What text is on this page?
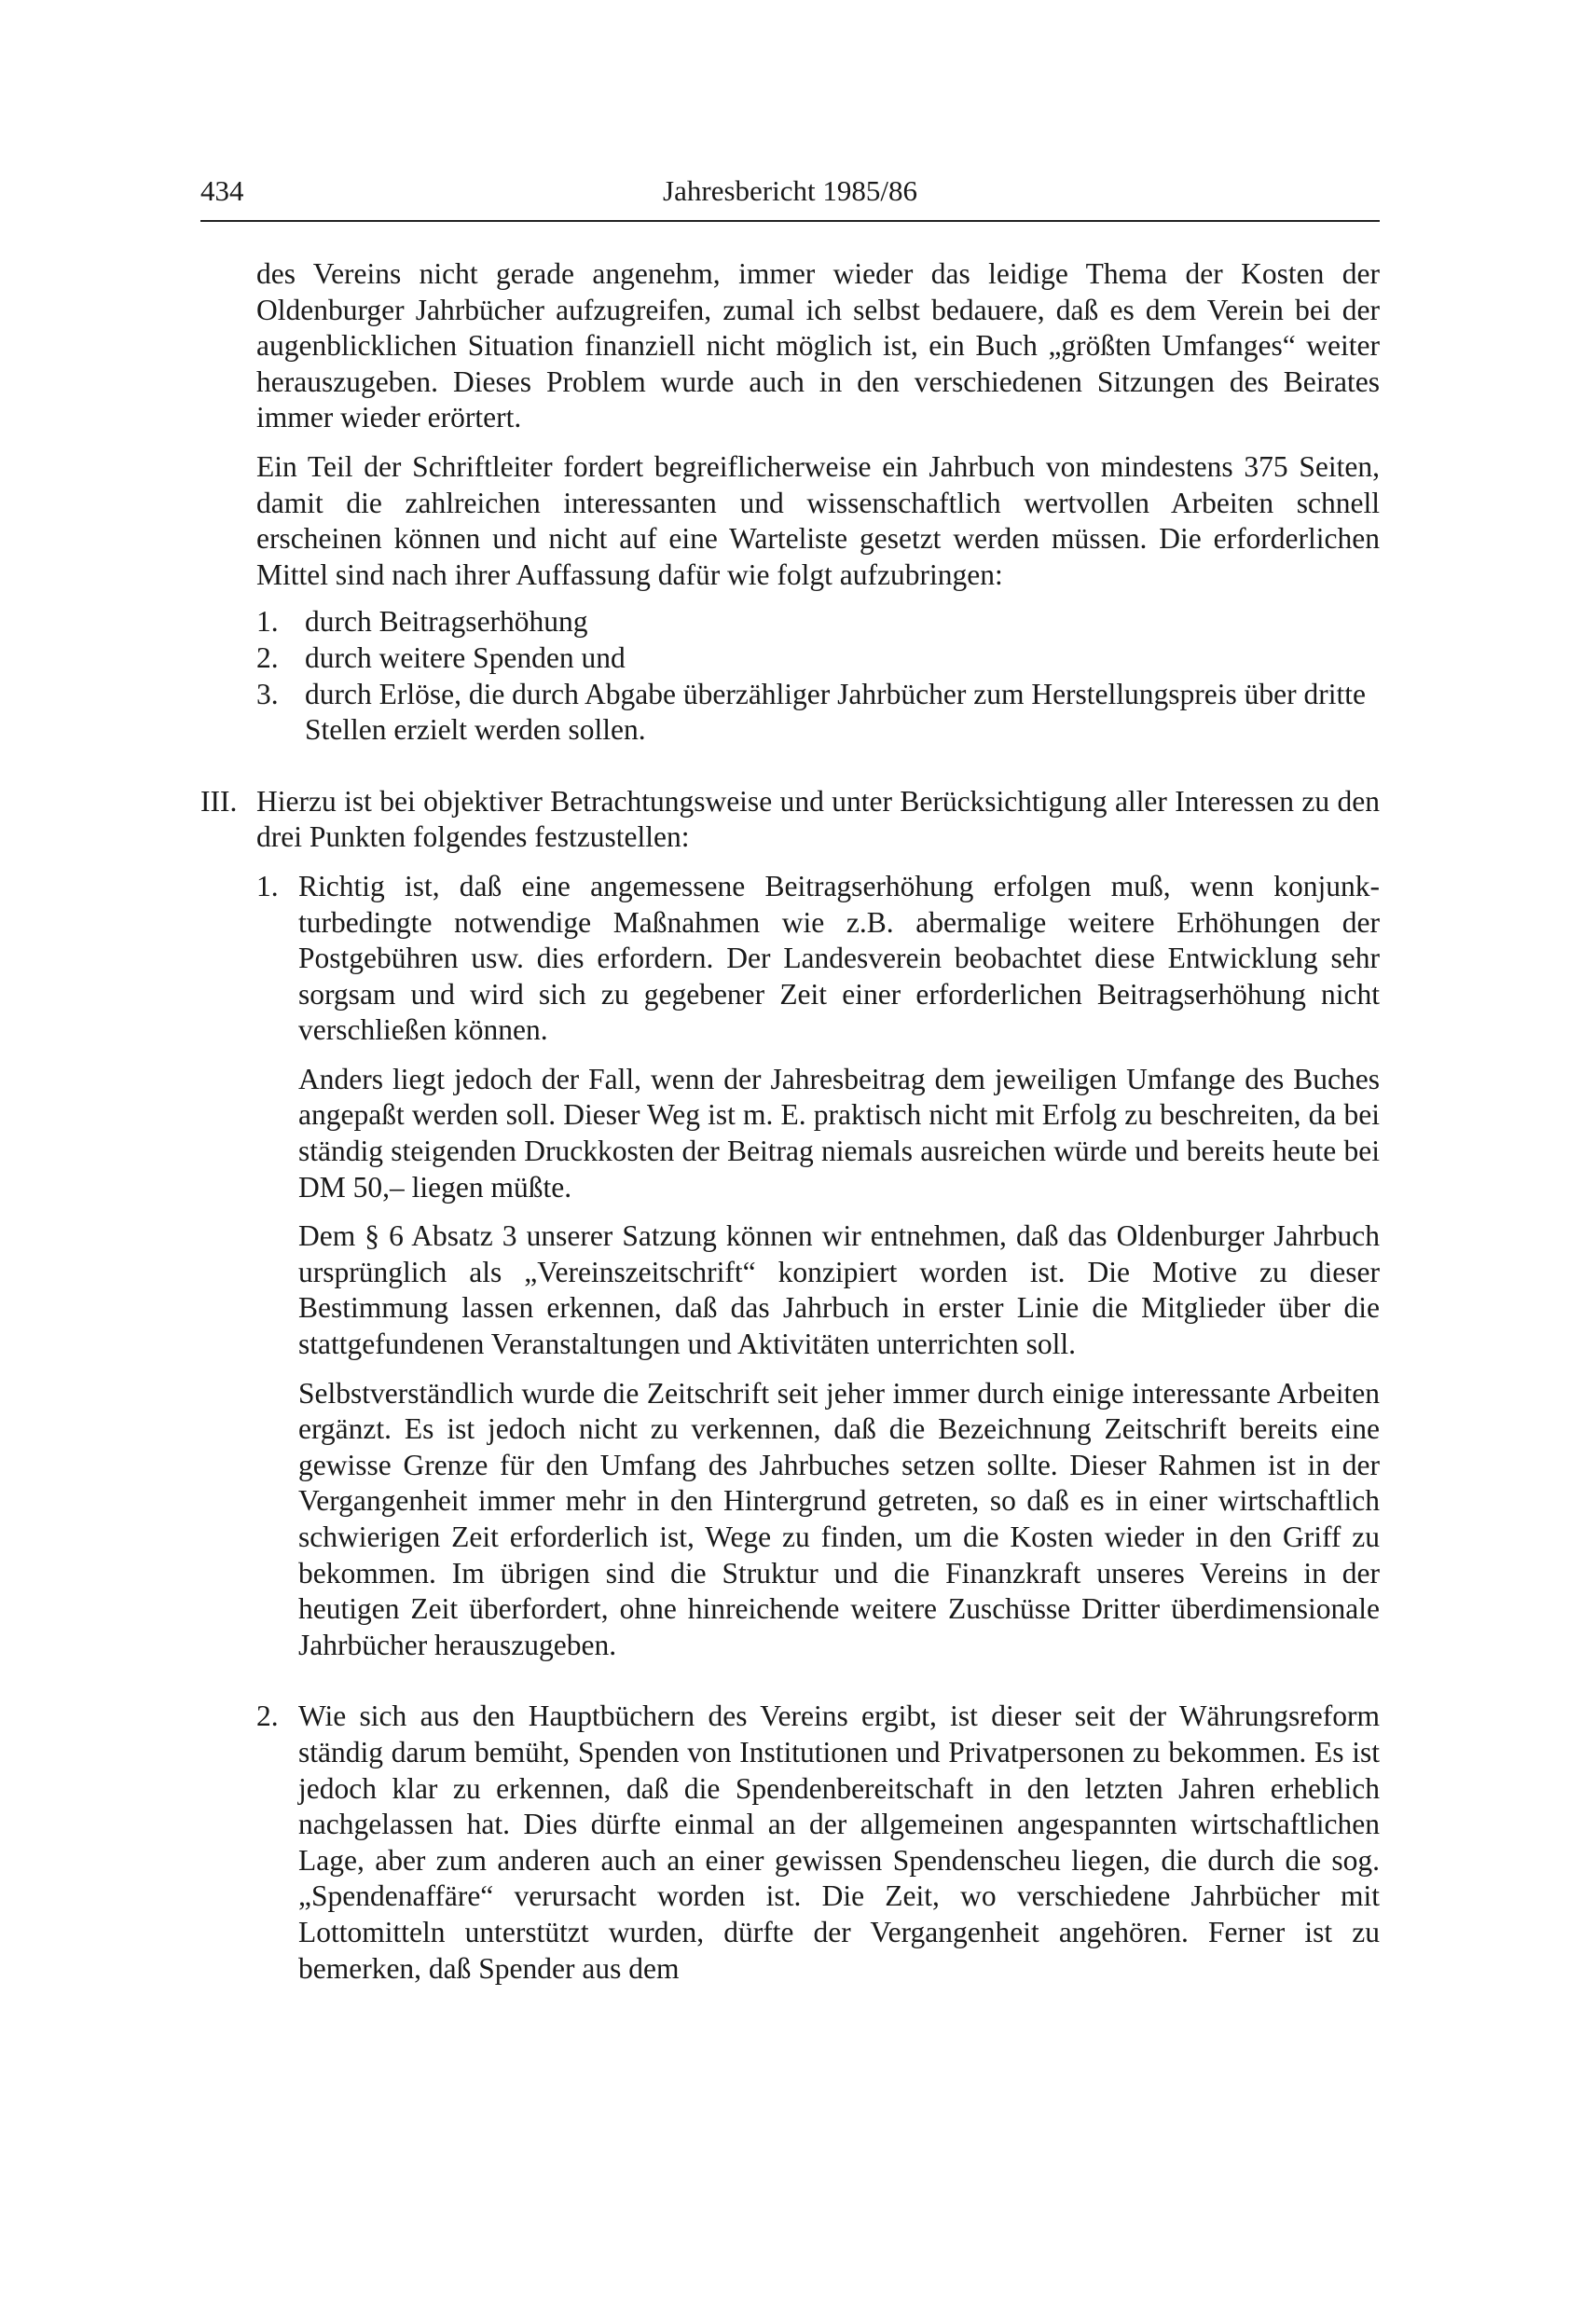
434	Jahresbericht 1985/86

des Vereins nicht gerade angenehm, immer wieder das leidige Thema der Kosten der Oldenburger Jahrbücher aufzugreifen, zumal ich selbst bedauere, daß es dem Verein bei der augenblicklichen Situation finanziell nicht möglich ist, ein Buch „größten Umfanges“ weiter herauszugeben. Dieses Problem wurde auch in den verschiedenen Sitzungen des Beirates immer wieder erörtert.

Ein Teil der Schriftleiter fordert begreiflicherweise ein Jahrbuch von mindestens 375 Seiten, damit die zahlreichen interessanten und wissenschaftlich wertvollen Arbeiten schnell erscheinen können und nicht auf eine Warteliste gesetzt werden müssen. Die erforderlichen Mittel sind nach ihrer Auffassung dafür wie folgt aufzubringen:

1. durch Beitragserhöhung
2. durch weitere Spenden und
3. durch Erlöse, die durch Abgabe überzähliger Jahrbücher zum Herstellungspreis über dritte Stellen erzielt werden sollen.
III. Hierzu ist bei objektiver Betrachtungsweise und unter Berücksichtigung aller Interessen zu den drei Punkten folgendes festzustellen:

1. Richtig ist, daß eine angemessene Beitragserhöhung erfolgen muß, wenn konjunkturbedingte notwendige Maßnahmen wie z.B. abermalige weitere Erhöhungen der Postgebühren usw. dies erfordern. Der Landesverein beobachtet diese Entwicklung sehr sorgsam und wird sich zu gegebener Zeit einer erforderlichen Beitragserhöhung nicht verschließen können.

Anders liegt jedoch der Fall, wenn der Jahresbeitrag dem jeweiligen Umfange des Buches angepaßt werden soll. Dieser Weg ist m. E. praktisch nicht mit Erfolg zu beschreiten, da bei ständig steigenden Druckkosten der Beitrag niemals ausreichen würde und bereits heute bei DM 50,– liegen müßte.

Dem § 6 Absatz 3 unserer Satzung können wir entnehmen, daß das Oldenburger Jahrbuch ursprünglich als „Vereinszeitschrift“ konzipiert worden ist. Die Motive zu dieser Bestimmung lassen erkennen, daß das Jahrbuch in erster Linie die Mitglieder über die stattgefundenen Veranstaltungen und Aktivitäten unterrichten soll.

Selbstverständlich wurde die Zeitschrift seit jeher immer durch einige interessante Arbeiten ergänzt. Es ist jedoch nicht zu verkennen, daß die Bezeichnung Zeitschrift bereits eine gewisse Grenze für den Umfang des Jahrbuches setzen sollte. Dieser Rahmen ist in der Vergangenheit immer mehr in den Hintergrund getreten, so daß es in einer wirtschaftlich schwierigen Zeit erforderlich ist, Wege zu finden, um die Kosten wieder in den Griff zu bekommen. Im übrigen sind die Struktur und die Finanzkraft unseres Vereins in der heutigen Zeit überfordert, ohne hinreichende weitere Zuschüsse Dritter überdimensionale Jahrbücher herauszugeben.

2. Wie sich aus den Hauptbüchern des Vereins ergibt, ist dieser seit der Währungsreform ständig darum bemüht, Spenden von Institutionen und Privatpersonen zu bekommen. Es ist jedoch klar zu erkennen, daß die Spendenbereitschaft in den letzten Jahren erheblich nachgelassen hat. Dies dürfte einmal an der allgemeinen angespannten wirtschaftlichen Lage, aber zum anderen auch an einer gewissen Spendenscheu liegen, die durch die sog. „Spendenaffäre“ verursacht worden ist. Die Zeit, wo verschiedene Jahrbücher mit Lottomitteln unterstützt wurden, dürfte der Vergangenheit angehören. Ferner ist zu bemerken, daß Spender aus dem
